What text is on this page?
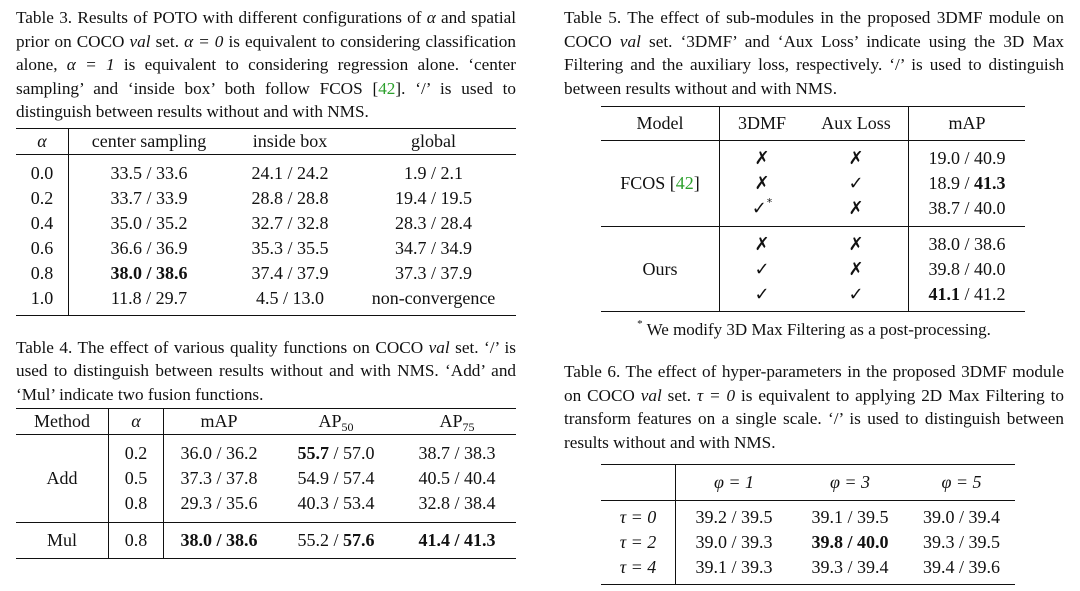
Table 3. Results of POTO with different configurations of α and spatial prior on COCO val set. α = 0 is equivalent to considering classification alone, α = 1 is equivalent to considering regression alone. ‘center sampling’ and ‘inside box’ both follow FCOS [42]. ‘/’ is used to distinguish between results without and with NMS.

α	center sampling	inside box	global
0.0	33.5 / 33.6	24.1 / 24.2	1.9 / 2.1
0.2	33.7 / 33.9	28.8 / 28.8	19.4 / 19.5
0.4	35.0 / 35.2	32.7 / 32.8	28.3 / 28.4
0.6	36.6 / 36.9	35.3 / 35.5	34.7 / 34.9
0.8	38.0 / 38.6	37.4 / 37.9	37.3 / 37.9
1.0	11.8 / 29.7	4.5 / 13.0	non-convergence

Table 4. The effect of various quality functions on COCO val set. ‘/’ is used to distinguish between results without and with NMS. ‘Add’ and ‘Mul’ indicate two fusion functions.

Method	α	mAP	$AP_{50}$	$AP_{75}$
Add	0.2	36.0 / 36.2	55.7 / 57.0	38.7 / 38.3
	0.5	37.3 / 37.8	54.9 / 57.4	40.5 / 40.4
	0.8	29.3 / 35.6	40.3 / 53.4	32.8 / 38.4
Mul	0.8	38.0 / 38.6	55.2 / 57.6	41.4 / 41.3

Table 5. The effect of sub-modules in the proposed 3DMF module on COCO val set. ‘3DMF’ and ‘Aux Loss’ indicate using the 3D Max Filtering and the auxiliary loss, respectively. ‘/’ is used to distinguish between results without and with NMS.

Model	3DMF	Aux Loss	mAP
FCOS [42]	✗	✗	19.0 / 40.9
	✗	✓	18.9 / 41.3
	✓*	✗	38.7 / 40.0
Ours	✗	✗	38.0 / 38.6
	✓	✗	39.8 / 40.0
	✓	✓	41.1 / 41.2
* We modify 3D Max Filtering as a post-processing.

Table 6. The effect of hyper-parameters in the proposed 3DMF module on COCO val set. τ = 0 is equivalent to applying 2D Max Filtering to transform features on a single scale. ‘/’ is used to distinguish between results without and with NMS.

	φ = 1	φ = 3	φ = 5
τ = 0	39.2 / 39.5	39.1 / 39.5	39.0 / 39.4
τ = 2	39.0 / 39.3	39.8 / 40.0	39.3 / 39.5
τ = 4	39.1 / 39.3	39.3 / 39.4	39.4 / 39.6
